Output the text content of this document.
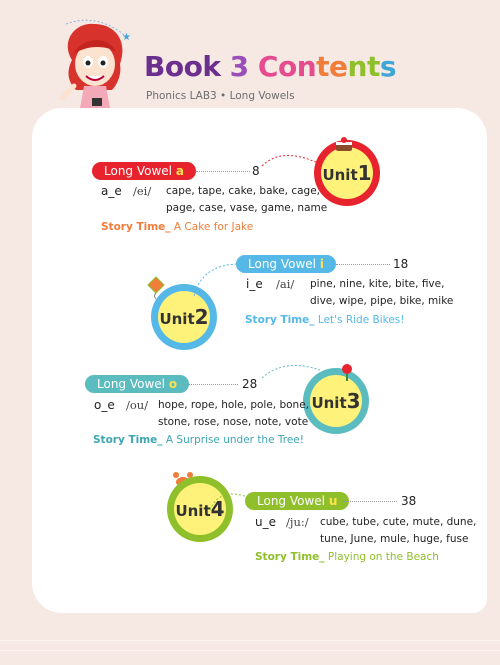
★
Book 3 Contents
Phonics LAB3 • Long Vowels
Long Vowel a	8	Unit1
a_e /ei/ cape, tape, cake, bake, cage,
page, case, vase, game, name
Story Time_ A Cake for Jake
Unit2
Long Vowel i	18
i_e /ai/ pine, nine, kite, bite, five,
dive, wipe, pipe, bike, mike
Story Time_ Let's Ride Bikes!
Long Vowel o	28
Unit3
o_e /ou/ hope, rope, hole, pole, bone,
stone, rose, nose, note, vote
Story Time_ A Surprise under the Tree!
Unit4	Long Vowel u	38
u_e /ju:/ cube, tube, cute, mute, dune,
tune, June, mule, huge, fuse
Story Time_ Playing on the Beach
